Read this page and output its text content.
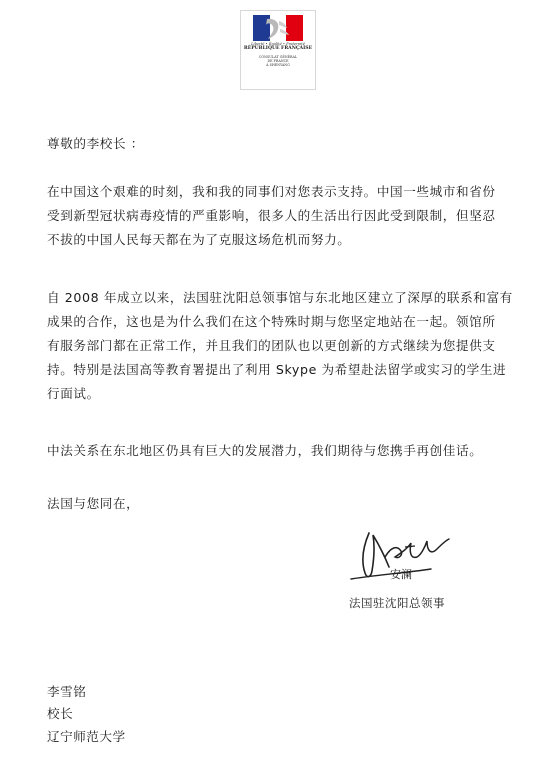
Liberté • Égalité • Fraternité
RÉPUBLIQUE FRANÇAISE
CONSULAT GÉNÉRAL
DE FRANCE
À SHENYANG
尊敬的李校长 ：
在中国这个艰难的时刻，我和我的同事们对您表示支持。中国一些城市和省份
受到新型冠状病毒疫情的严重影响，很多人的生活出行因此受到限制，但坚忍
不拔的中国人民每天都在为了克服这场危机而努力。
自 2008 年成立以来，法国驻沈阳总领事馆与东北地区建立了深厚的联系和富有
成果的合作，这也是为什么我们在这个特殊时期与您坚定地站在一起。领馆所
有服务部门都在正常工作，并且我们的团队也以更创新的方式继续为您提供支
持。特别是法国高等教育署提出了利用 Skype 为希望赴法留学或实习的学生进
行面试。
中法关系在东北地区仍具有巨大的发展潜力，我们期待与您携手再创佳话。
法国与您同在，
安澜
法国驻沈阳总领事
李雪铭
校长
辽宁师范大学
